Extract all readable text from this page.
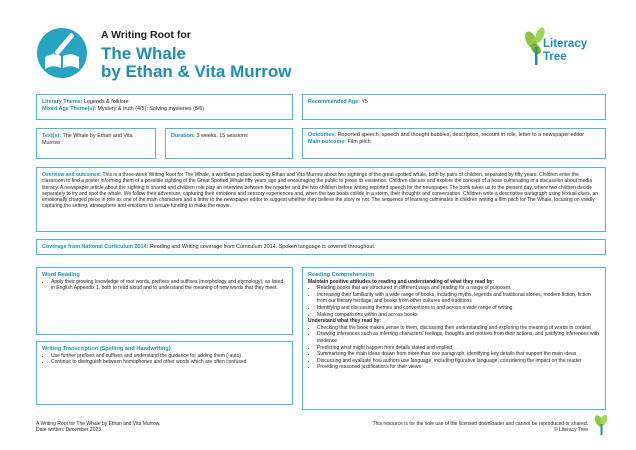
A Writing Root for
The Whale
by Ethan & Vita Murrow
Literacy
Tree
Literary Theme: Legends & folklore
Mixed Age Theme(s): Mystery & truth (4/5); Solving mysteries (5/6)
Recommended Age: Y5
Text(s): The Whale by Ethan and Vita Murrow
Duration: 3 weeks, 15 sessions	Outcomes: Reported speech, speech and thought bubbles, description, recount in role, letter to a newspaper editor
Main outcome: Film pitch
Overview and outcomes: This is a three-week Writing Root for The Whale, a wordless picture book by Ethan and Vita Murrow about two sightings of the great spotted whale, both by pairs of children, separated by fifty years. Children enter the classroom to find a poster informing them of a possible sighting of the Great Spotted Whale fifty years ago and encouraging the public to prove its existence. Children discuss and explore the concept of a hoax culminating in a discussion about media literacy. A newspaper article about the sighting is shared and children role play an interview between the reporter and the two children before writing reported speech for the newspaper. The book takes us to the present day, where two children decide separately to try and spot the whale. We follow their adventure, capturing their emotions and sensory experiences and, when the two boats collide in a storm, their thoughts and conversation. Children write a descriptive paragraph using textual clues, an emotionally charged piece in role as one of the main characters and a letter to the newspaper editor to suggest whether they believe the story or not. The sequence of learning culminates in children writing a film pitch for The Whale, focusing on vividly capturing the setting, atmosphere and emotions to secure funding to make the movie.
Coverage from National Curriculum 2014: Reading and Writing coverage from Curriculum 2014. Spoken language is covered throughout.
Word Reading
• Apply their growing knowledge of root words, prefixes and suffixes (morphology and etymology), as listed in English Appendix 1, both to read aloud and to understand the meaning of new words that they meet.
Writing Transcription (Spelling and Handwriting)
• Use further prefixes and suffixes and understand the guidance for adding them (-auto)
• Continue to distinguish between homophones and other words which are often confused
Reading Comprehension
Maintain positive attitudes to reading and understanding of what they read by:
• Reading books that are structured in different ways and reading for a range of purposes
• Increasing their familiarity with a wide range of books, including myths, legends and traditional stories, modern fiction, fiction from our literary heritage, and books from other cultures and traditions
• Identifying and discussing themes and conventions in and across a wide range of writing
• Making comparisons within and across books
Understand what they read by:
• Checking that the book makes sense to them, discussing their understanding and exploring the meaning of words in context
• Drawing inferences such as inferring characters' feelings, thoughts and motives from their actions, and justifying inferences with evidence
• Predicting what might happen from details stated and implied
• Summarising the main ideas drawn from more than one paragraph, identifying key details that support the main ideas
• Discussing and evaluate how authors use language, including figurative language, considering the impact on the reader
• Providing reasoned justifications for their views
A Writing Root for The Whale by Ethan and Vita Murrow.
Date written: December 2023
This resource is for the sole use of the licensed downloader and cannot be reproduced or shared.
© Literacy Tree
